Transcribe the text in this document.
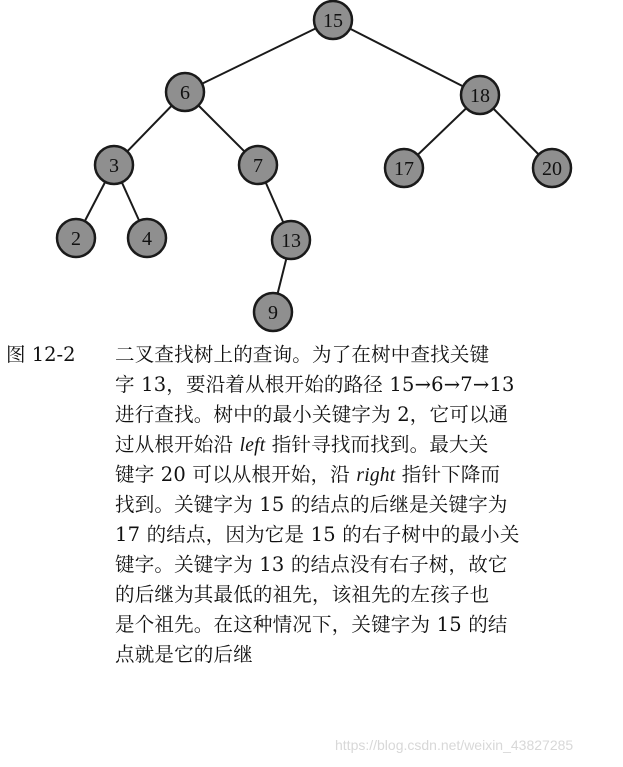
15
6	18
3	7	17	20
2	4	13
9
图 12-2 二叉查找树上的查询。为了在树中查找关键
字 13，要沿着从根开始的路径 15→6→7→13
进行查找。树中的最小关键字为 2，它可以通
过从根开始沿 left 指针寻找而找到。最大关
键字 20 可以从根开始，沿 right 指针下降而
找到。关键字为 15 的结点的后继是关键字为
17 的结点，因为它是 15 的右子树中的最小关
键字。关键字为 13 的结点没有右子树，故它
的后继为其最低的祖先，该祖先的左孩子也
是个祖先。在这种情况下，关键字为 15 的结
点就是它的后继
https://blog.csdn.net/weixin_43827285
